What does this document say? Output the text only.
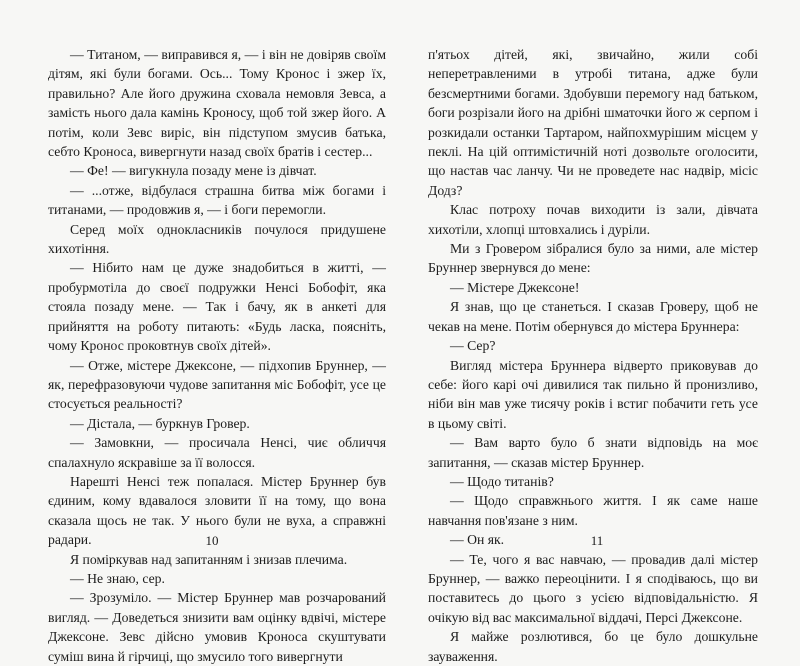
— Титаном, — виправився я, — і він не довіряв своїм дітям, які були богами. Ось... Тому Кронос і зжер їх, правильно? Але його дружина сховала немовля Зевса, а замість нього дала камінь Кроносу, щоб той зжер його. А потім, коли Зевс виріс, він підступом змусив батька, себто Кроноса, вивергнути назад своїх братів і сестер...

— Фе! — вигукнула позаду мене із дівчат.

— ...отже, відбулася страшна битва між богами і титанами, — продовжив я, — і боги перемогли.

Серед моїх однокласників почулося придушене хихотіння.

— Нібито нам це дуже знадобиться в житті, — пробурмотіла до своєї подружки Ненсі Бобофіт, яка стояла позаду мене. — Так і бачу, як в анкеті для прийняття на роботу питають: «Будь ласка, поясніть, чому Кронос проковтнув своїх дітей».

— Отже, містере Джексоне, — підхопив Бруннер, — як, перефразовуючи чудове запитання міс Бобофіт, усе це стосується реальності?

— Дістала, — буркнув Гровер.

— Замовкни, — просичала Ненсі, чиє обличчя спалахнуло яскравіше за її волосся.

Нарешті Ненсі теж попалася. Містер Бруннер був єдиним, кому вдавалося зловити її на тому, що вона сказала щось не так. У нього були не вуха, а справжні радари.

Я поміркував над запитанням і знизав плечима.

— Не знаю, сер.

— Зрозуміло. — Містер Бруннер мав розчарований вигляд. — Доведеться знизити вам оцінку вдвічі, містере Джексоне. Зевс дійсно умовив Кроноса скуштувати суміш вина й гірчиці, що змусило того вивергнути

п'ятьох дітей, які, звичайно, жили собі неперетравленими в утробі титана, адже були безсмертними богами. Здобувши перемогу над батьком, боги розрізали його на дрібні шматочки його ж серпом і розкидали останки Тартаром, найпохмурішим місцем у пеклі. На цій оптимістичній ноті дозвольте оголосити, що настав час ланчу. Чи не проведете нас надвір, місіс Додз?

Клас потроху почав виходити із зали, дівчата хихотіли, хлопці штовхались і дуріли.

Ми з Гровером зібралися було за ними, але містер Бруннер звернувся до мене:

— Містере Джексоне!

Я знав, що це станеться. І сказав Гроверу, щоб не чекав на мене. Потім обернувся до містера Бруннера:

— Сер?

Вигляд містера Бруннера відверто приковував до себе: його карі очі дивилися так пильно й пронизливо, ніби він мав уже тисячу років і встиг побачити геть усе в цьому світі.

— Вам варто було б знати відповідь на моє запитання, — сказав містер Бруннер.

— Щодо титанів?

— Щодо справжнього життя. І як саме наше навчання пов'язане з ним.

— Он як.

— Те, чого я вас навчаю, — провадив далі містер Бруннер, — важко переоцінити. І я сподіваюсь, що ви поставитесь до цього з усією відповідальністю. Я очікую від вас максимальної віддачі, Персі Джексоне.

Я майже розлютився, бо це було дошкульне зауваження.

10	11
